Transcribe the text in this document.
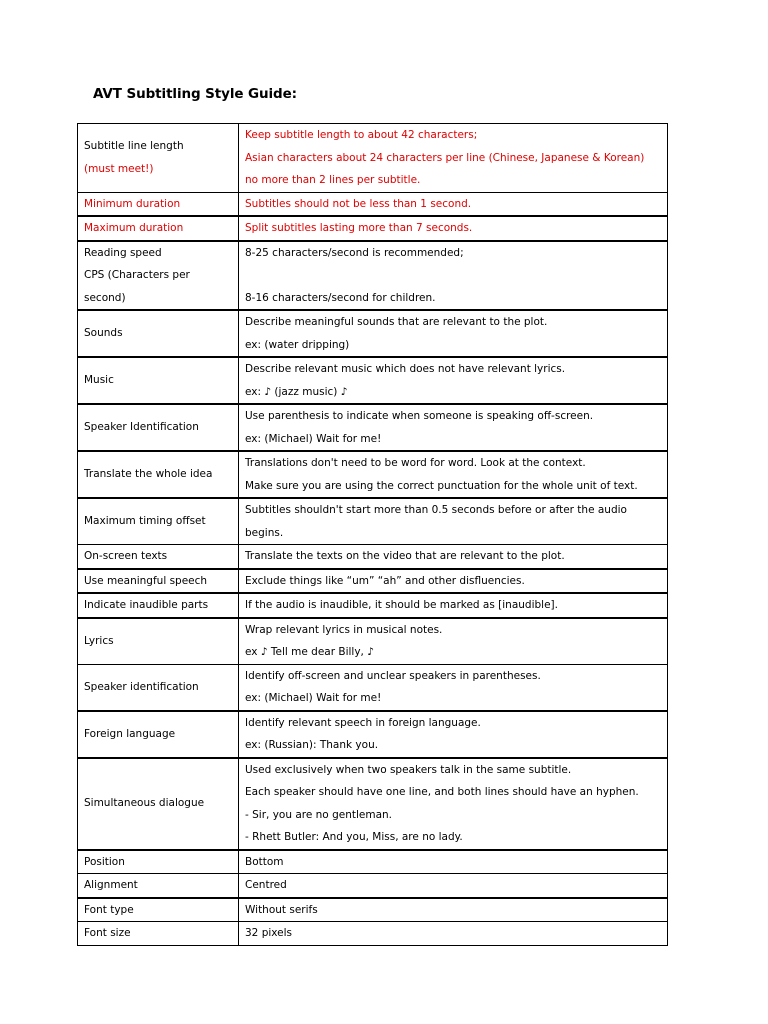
AVT Subtitling Style Guide:
Subtitle line length
(must meet!)	Keep subtitle length to about 42 characters;
Asian characters about 24 characters per line (Chinese, Japanese & Korean)
no more than 2 lines per subtitle.

Minimum duration	Subtitles should not be less than 1 second.

Maximum duration	Split subtitles lasting more than 7 seconds.

Reading speed
CPS (Characters per
second)	8-25 characters/second is recommended;
8-16 characters/second for children.

Sounds	Describe meaningful sounds that are relevant to the plot.
ex: (water dripping)

Music	Describe relevant music which does not have relevant lyrics.
ex: ♪ (jazz music) ♪

Speaker Identification	Use parenthesis to indicate when someone is speaking off-screen.
ex: (Michael) Wait for me!

Translate the whole idea	Translations don't need to be word for word. Look at the context.
Make sure you are using the correct punctuation for the whole unit of text.

Maximum timing offset	Subtitles shouldn't start more than 0.5 seconds before or after the audio
begins.

On-screen texts	Translate the texts on the video that are relevant to the plot.

Use meaningful speech	Exclude things like “um” “ah” and other disfluencies.

Indicate inaudible parts	If the audio is inaudible, it should be marked as [inaudible].

Lyrics	Wrap relevant lyrics in musical notes.
ex ♪ Tell me dear Billy, ♪

Speaker identification	Identify off-screen and unclear speakers in parentheses.
ex: (Michael) Wait for me!

Foreign language	Identify relevant speech in foreign language.
ex: (Russian): Thank you.

Simultaneous dialogue	Used exclusively when two speakers talk in the same subtitle.
Each speaker should have one line, and both lines should have an hyphen.
- Sir, you are no gentleman.
- Rhett Butler: And you, Miss, are no lady.

Position	Bottom

Alignment	Centred

Font type	Without serifs

Font size	32 pixels
